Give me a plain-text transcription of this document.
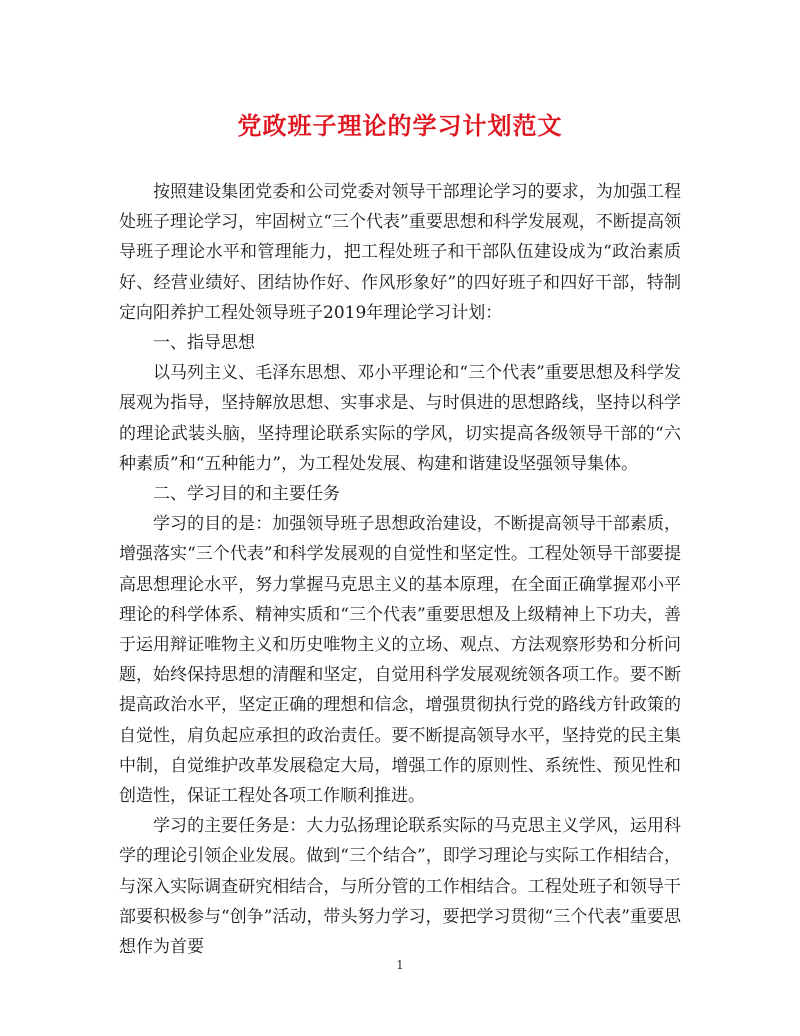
党政班子理论的学习计划范文

按照建设集团党委和公司党委对领导干部理论学习的要求，为加强工程处班子理论学习，牢固树立“三个代表”重要思想和科学发展观，不断提高领导班子理论水平和管理能力，把工程处班子和干部队伍建设成为“政治素质好、经营业绩好、团结协作好、作风形象好”的四好班子和四好干部，特制定向阳养护工程处领导班子2019年理论学习计划：

一、指导思想

以马列主义、毛泽东思想、邓小平理论和“三个代表”重要思想及科学发展观为指导，坚持解放思想、实事求是、与时俱进的思想路线，坚持以科学的理论武装头脑，坚持理论联系实际的学风，切实提高各级领导干部的“六种素质”和“五种能力”，为工程处发展、构建和谐建设坚强领导集体。

二、学习目的和主要任务

学习的目的是：加强领导班子思想政治建设，不断提高领导干部素质，增强落实“三个代表”和科学发展观的自觉性和坚定性。工程处领导干部要提高思想理论水平，努力掌握马克思主义的基本原理，在全面正确掌握邓小平理论的科学体系、精神实质和“三个代表”重要思想及上级精神上下功夫，善于运用辩证唯物主义和历史唯物主义的立场、观点、方法观察形势和分析问题，始终保持思想的清醒和坚定，自觉用科学发展观统领各项工作。要不断提高政治水平，坚定正确的理想和信念，增强贯彻执行党的路线方针政策的自觉性，肩负起应承担的政治责任。要不断提高领导水平，坚持党的民主集中制，自觉维护改革发展稳定大局，增强工作的原则性、系统性、预见性和创造性，保证工程处各项工作顺利推进。

学习的主要任务是：大力弘扬理论联系实际的马克思主义学风，运用科学的理论引领企业发展。做到“三个结合”，即学习理论与实际工作相结合，与深入实际调查研究相结合，与所分管的工作相结合。工程处班子和领导干部要积极参与“创争”活动，带头努力学习，要把学习贯彻“三个代表”重要思想作为首要

1
